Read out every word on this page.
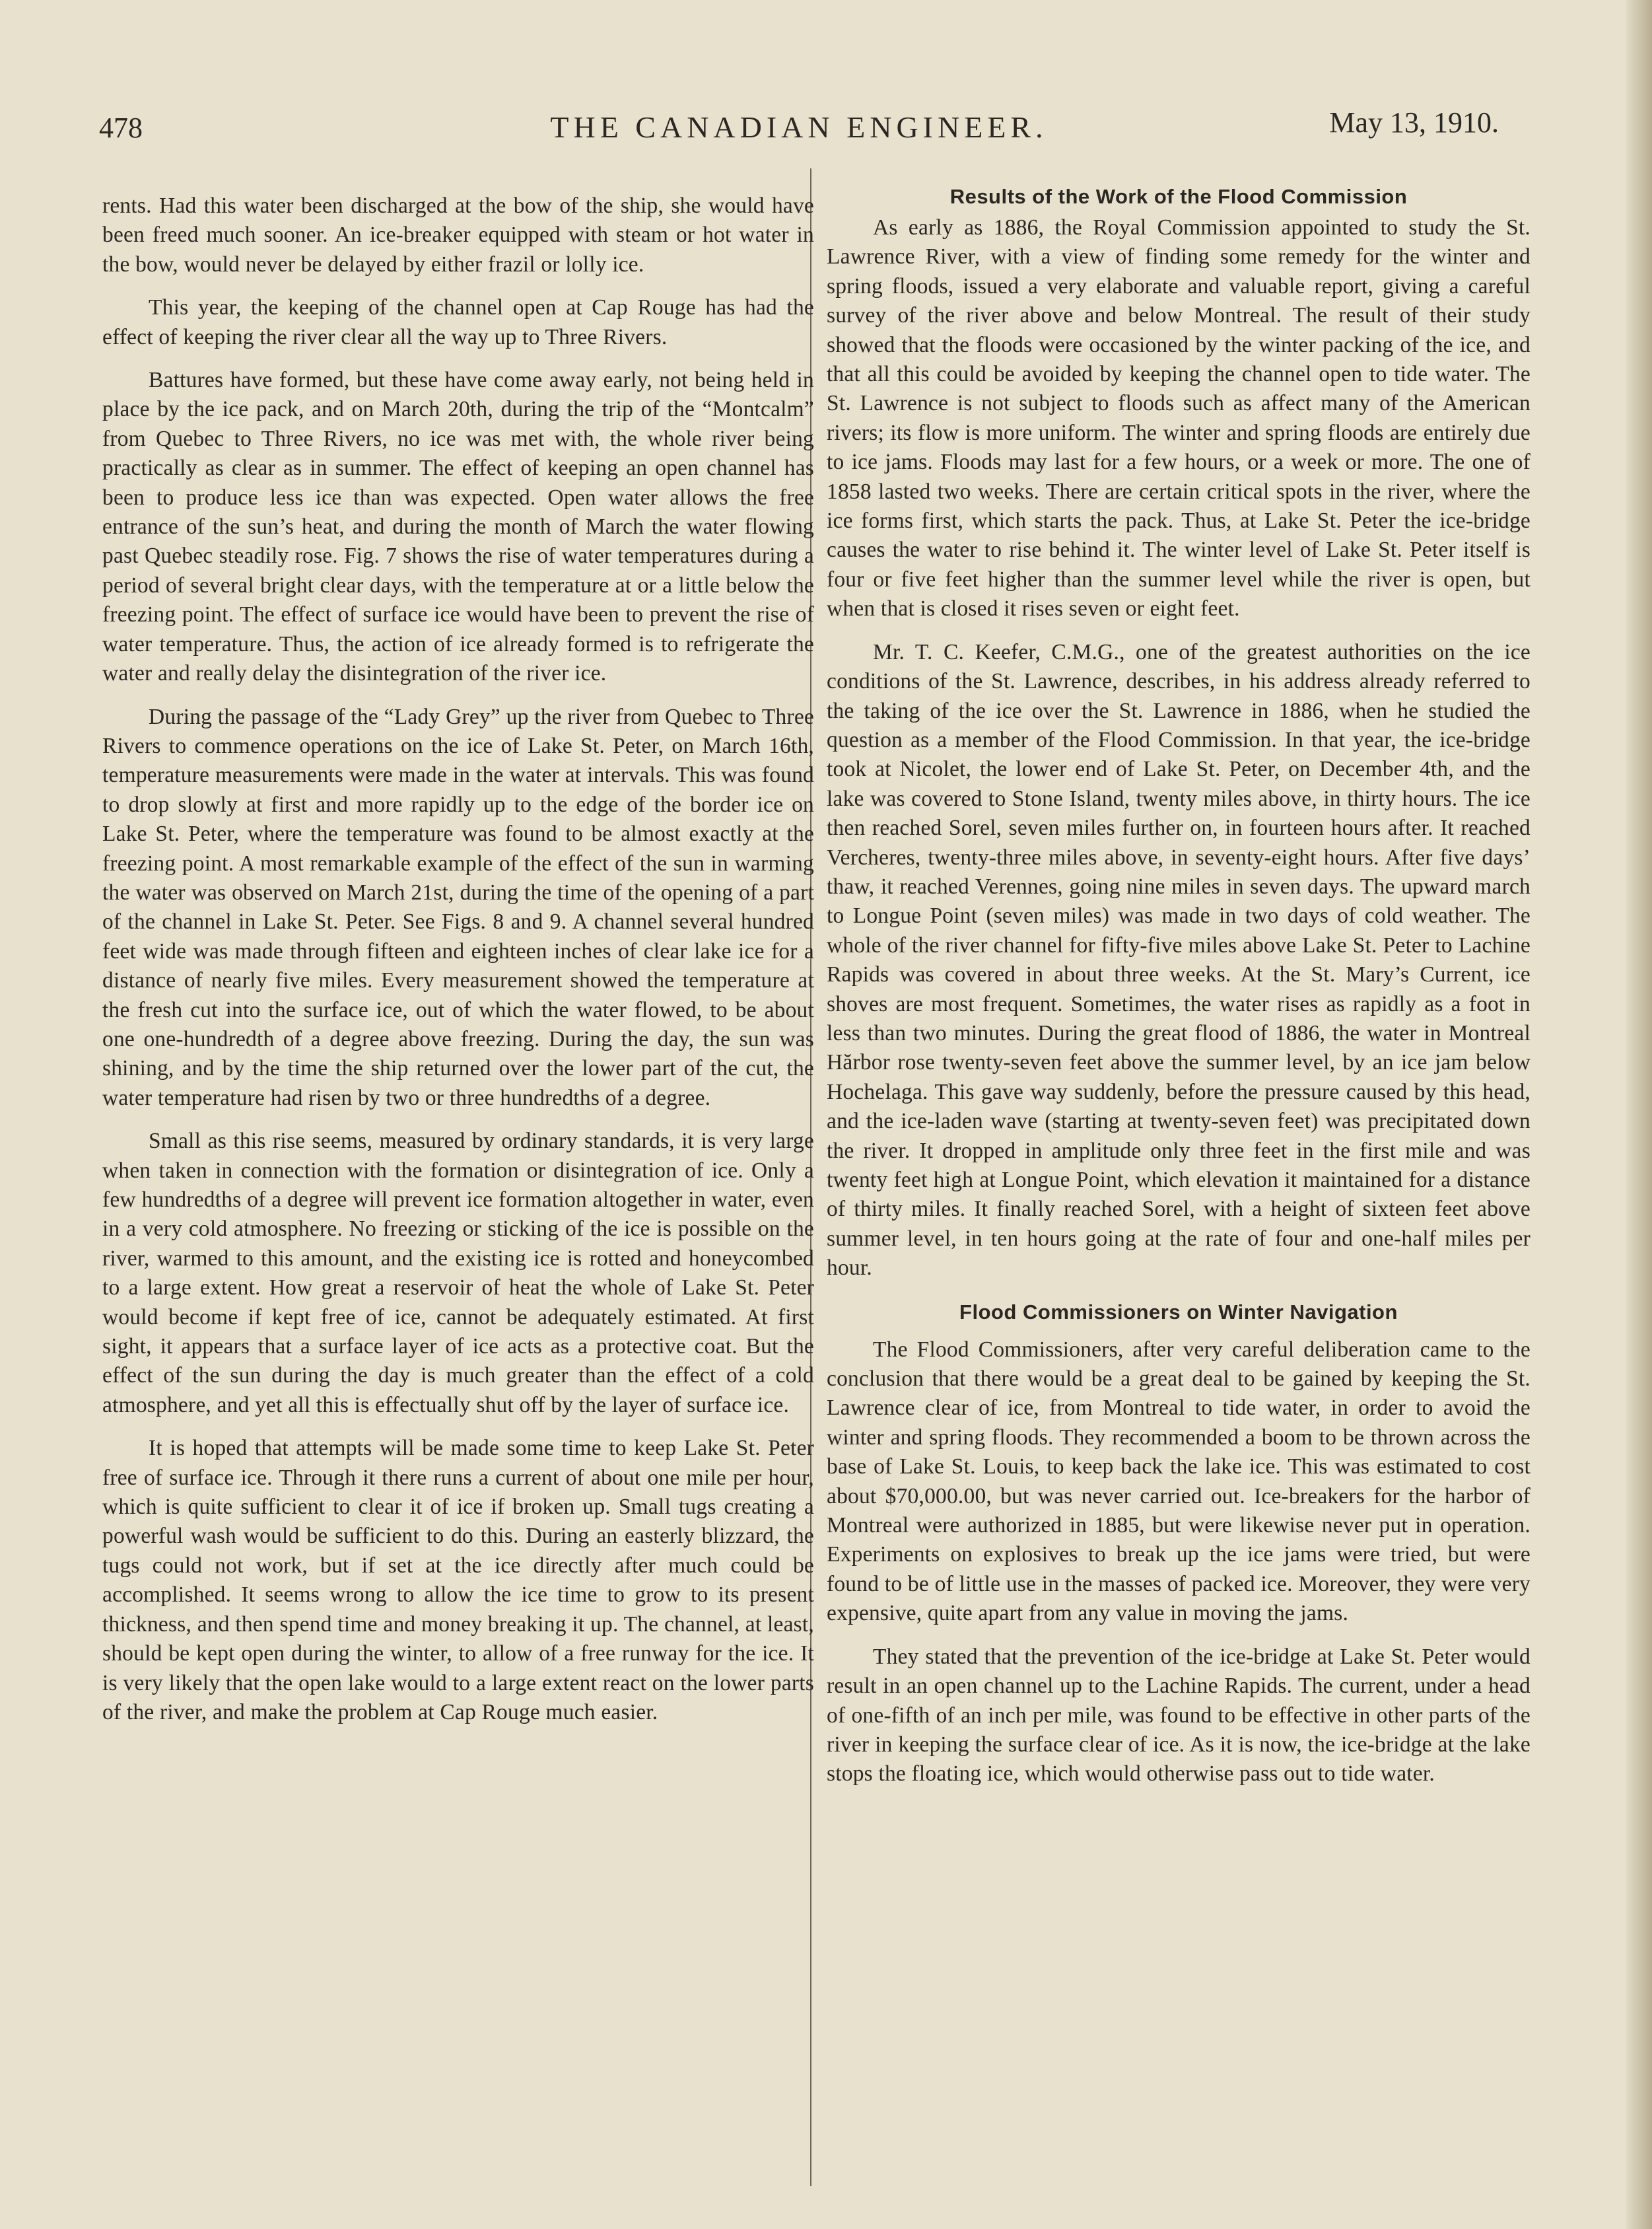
478	THE CANADIAN ENGINEER.	May 13, 1910.

rents. Had this water been discharged at the bow of the ship, she would have been freed much sooner. An ice-breaker equipped with steam or hot water in the bow, would never be delayed by either frazil or lolly ice.

This year, the keeping of the channel open at Cap Rouge has had the effect of keeping the river clear all the way up to Three Rivers.

Battures have formed, but these have come away early, not being held in place by the ice pack, and on March 20th, during the trip of the “Montcalm” from Quebec to Three Rivers, no ice was met with, the whole river being practically as clear as in summer. The effect of keeping an open channel has been to produce less ice than was expected. Open water allows the free entrance of the sun’s heat, and during the month of March the water flowing past Quebec steadily rose. Fig. 7 shows the rise of water temperatures during a period of several bright clear days, with the temperature at or a little below the freezing point. The effect of surface ice would have been to prevent the rise of water temperature. Thus, the action of ice already formed is to refrigerate the water and really delay the disintegration of the river ice.

During the passage of the “Lady Grey” up the river from Quebec to Three Rivers to commence operations on the ice of Lake St. Peter, on March 16th, temperature measurements were made in the water at intervals. This was found to drop slowly at first and more rapidly up to the edge of the border ice on Lake St. Peter, where the temperature was found to be almost exactly at the freezing point. A most remarkable example of the effect of the sun in warming the water was observed on March 21st, during the time of the opening of a part of the channel in Lake St. Peter. See Figs. 8 and 9. A channel several hundred feet wide was made through fifteen and eighteen inches of clear lake ice for a distance of nearly five miles. Every measurement showed the temperature at the fresh cut into the surface ice, out of which the water flowed, to be about one one-hundredth of a degree above freezing. During the day, the sun was shining, and by the time the ship returned over the lower part of the cut, the water temperature had risen by two or three hundredths of a degree.

Small as this rise seems, measured by ordinary standards, it is very large when taken in connection with the formation or disintegration of ice. Only a few hundredths of a degree will prevent ice formation altogether in water, even in a very cold atmosphere. No freezing or sticking of the ice is possible on the river, warmed to this amount, and the existing ice is rotted and honeycombed to a large extent. How great a reservoir of heat the whole of Lake St. Peter would become if kept free of ice, cannot be adequately estimated. At first sight, it appears that a surface layer of ice acts as a protective coat. But the effect of the sun during the day is much greater than the effect of a cold atmosphere, and yet all this is effectually shut off by the layer of surface ice.

It is hoped that attempts will be made some time to keep Lake St. Peter free of surface ice. Through it there runs a current of about one mile per hour, which is quite sufficient to clear it of ice if broken up. Small tugs creating a powerful wash would be sufficient to do this. During an easterly blizzard, the tugs could not work, but if set at the ice directly after much could be accomplished. It seems wrong to allow the ice time to grow to its present thickness, and then spend time and money breaking it up. The channel, at least, should be kept open during the winter, to allow of a free runway for the ice. It is very likely that the open lake would to a large extent react on the lower parts of the river, and make the problem at Cap Rouge much easier.

Results of the Work of the Flood Commission

As early as 1886, the Royal Commission appointed to study the St. Lawrence River, with a view of finding some remedy for the winter and spring floods, issued a very elaborate and valuable report, giving a careful survey of the river above and below Montreal. The result of their study showed that the floods were occasioned by the winter packing of the ice, and that all this could be avoided by keeping the channel open to tide water. The St. Lawrence is not subject to floods such as affect many of the American rivers; its flow is more uniform. The winter and spring floods are entirely due to ice jams. Floods may last for a few hours, or a week or more. The one of 1858 lasted two weeks. There are certain critical spots in the river, where the ice forms first, which starts the pack. Thus, at Lake St. Peter the ice-bridge causes the water to rise behind it. The winter level of Lake St. Peter itself is four or five feet higher than the summer level while the river is open, but when that is closed it rises seven or eight feet.

Mr. T. C. Keefer, C.M.G., one of the greatest authorities on the ice conditions of the St. Lawrence, describes, in his address already referred to the taking of the ice over the St. Lawrence in 1886, when he studied the question as a member of the Flood Commission. In that year, the ice-bridge took at Nicolet, the lower end of Lake St. Peter, on December 4th, and the lake was covered to Stone Island, twenty miles above, in thirty hours. The ice then reached Sorel, seven miles further on, in fourteen hours after. It reached Vercheres, twenty-three miles above, in seventy-eight hours. After five days’ thaw, it reached Verennes, going nine miles in seven days. The upward march to Longue Point (seven miles) was made in two days of cold weather. The whole of the river channel for fifty-five miles above Lake St. Peter to Lachine Rapids was covered in about three weeks. At the St. Mary’s Current, ice shoves are most frequent. Sometimes, the water rises as rapidly as a foot in less than two minutes. During the great flood of 1886, the water in Montreal Hărbor rose twenty-seven feet above the summer level, by an ice jam below Hochelaga. This gave way suddenly, before the pressure caused by this head, and the ice-laden wave (starting at twenty-seven feet) was precipitated down the river. It dropped in amplitude only three feet in the first mile and was twenty feet high at Longue Point, which elevation it maintained for a distance of thirty miles. It finally reached Sorel, with a height of sixteen feet above summer level, in ten hours going at the rate of four and one-half miles per hour.

Flood Commissioners on Winter Navigation

The Flood Commissioners, after very careful deliberation came to the conclusion that there would be a great deal to be gained by keeping the St. Lawrence clear of ice, from Montreal to tide water, in order to avoid the winter and spring floods. They recommended a boom to be thrown across the base of Lake St. Louis, to keep back the lake ice. This was estimated to cost about $70,000.00, but was never carried out. Ice-breakers for the harbor of Montreal were authorized in 1885, but were likewise never put in operation. Experiments on explosives to break up the ice jams were tried, but were found to be of little use in the masses of packed ice. Moreover, they were very expensive, quite apart from any value in moving the jams.

They stated that the prevention of the ice-bridge at Lake St. Peter would result in an open channel up to the Lachine Rapids. The current, under a head of one-fifth of an inch per mile, was found to be effective in other parts of the river in keeping the surface clear of ice. As it is now, the ice-bridge at the lake stops the floating ice, which would otherwise pass out to tide water.
